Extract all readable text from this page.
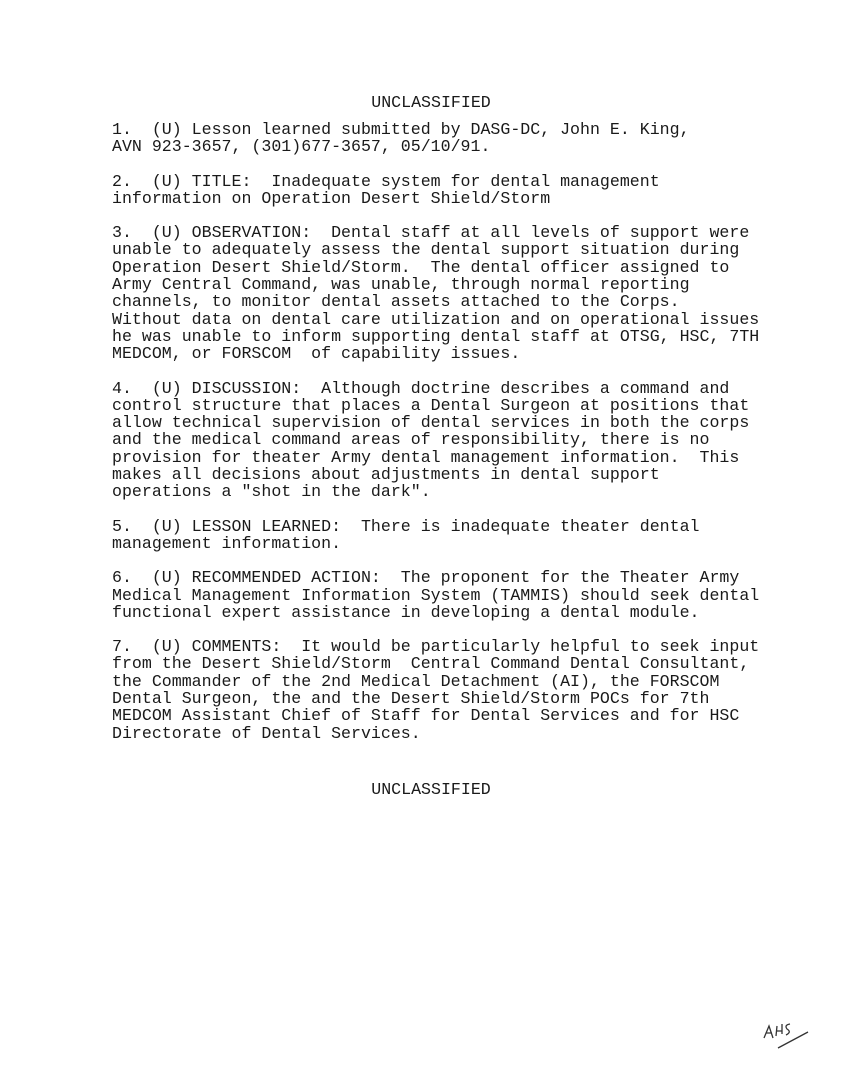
UNCLASSIFIED
1.  (U) Lesson learned submitted by DASG-DC, John E. King,
AVN 923-3657, (301)677-3657, 05/10/91.
2.  (U) TITLE:  Inadequate system for dental management
information on Operation Desert Shield/Storm
3.  (U) OBSERVATION:  Dental staff at all levels of support were
unable to adequately assess the dental support situation during
Operation Desert Shield/Storm.  The dental officer assigned to
Army Central Command, was unable, through normal reporting
channels, to monitor dental assets attached to the Corps.
Without data on dental care utilization and on operational issues
he was unable to inform supporting dental staff at OTSG, HSC, 7TH
MEDCOM, or FORSCOM  of capability issues.
4.  (U) DISCUSSION:  Although doctrine describes a command and
control structure that places a Dental Surgeon at positions that
allow technical supervision of dental services in both the corps
and the medical command areas of responsibility, there is no
provision for theater Army dental management information.  This
makes all decisions about adjustments in dental support
operations a "shot in the dark".
5.  (U) LESSON LEARNED:  There is inadequate theater dental
management information.
6.  (U) RECOMMENDED ACTION:  The proponent for the Theater Army
Medical Management Information System (TAMMIS) should seek dental
functional expert assistance in developing a dental module.
7.  (U) COMMENTS:  It would be particularly helpful to seek input
from the Desert Shield/Storm  Central Command Dental Consultant,
the Commander of the 2nd Medical Detachment (AI), the FORSCOM
Dental Surgeon, the and the Desert Shield/Storm POCs for 7th
MEDCOM Assistant Chief of Staff for Dental Services and for HSC
Directorate of Dental Services.
UNCLASSIFIED
